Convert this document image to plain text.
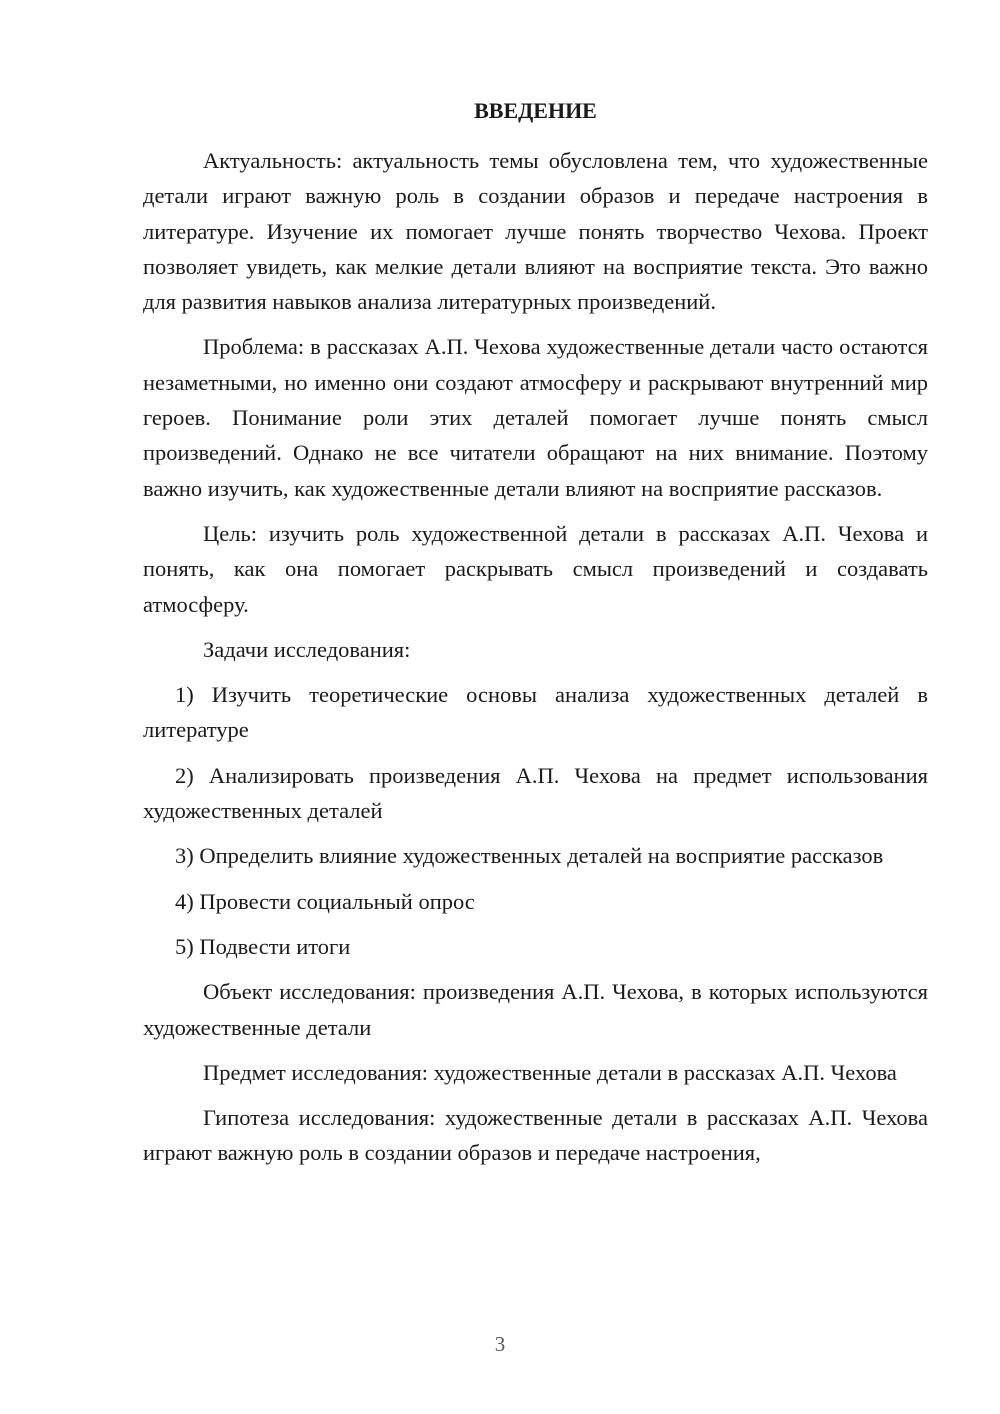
ВВЕДЕНИЕ

Актуальность: актуальность темы обусловлена тем, что художественные детали играют важную роль в создании образов и передаче настроения в литературе. Изучение их помогает лучше понять творчество Чехова. Проект позволяет увидеть, как мелкие детали влияют на восприятие текста. Это важно для развития навыков анализа литературных произведений.

Проблема: в рассказах А.П. Чехова художественные детали часто остаются незаметными, но именно они создают атмосферу и раскрывают внутренний мир героев. Понимание роли этих деталей помогает лучше понять смысл произведений. Однако не все читатели обращают на них внимание. Поэтому важно изучить, как художественные детали влияют на восприятие рассказов.

Цель: изучить роль художественной детали в рассказах А.П. Чехова и понять, как она помогает раскрывать смысл произведений и создавать атмосферу.

Задачи исследования:

1) Изучить теоретические основы анализа художественных деталей в литературе

2) Анализировать произведения А.П. Чехова на предмет использования художественных деталей

3) Определить влияние художественных деталей на восприятие рассказов

4) Провести социальный опрос

5) Подвести итоги

Объект исследования: произведения А.П. Чехова, в которых используются художественные детали

Предмет исследования: художественные детали в рассказах А.П. Чехова

Гипотеза исследования: художественные детали в рассказах А.П. Чехова играют важную роль в создании образов и передаче настроения,

3
